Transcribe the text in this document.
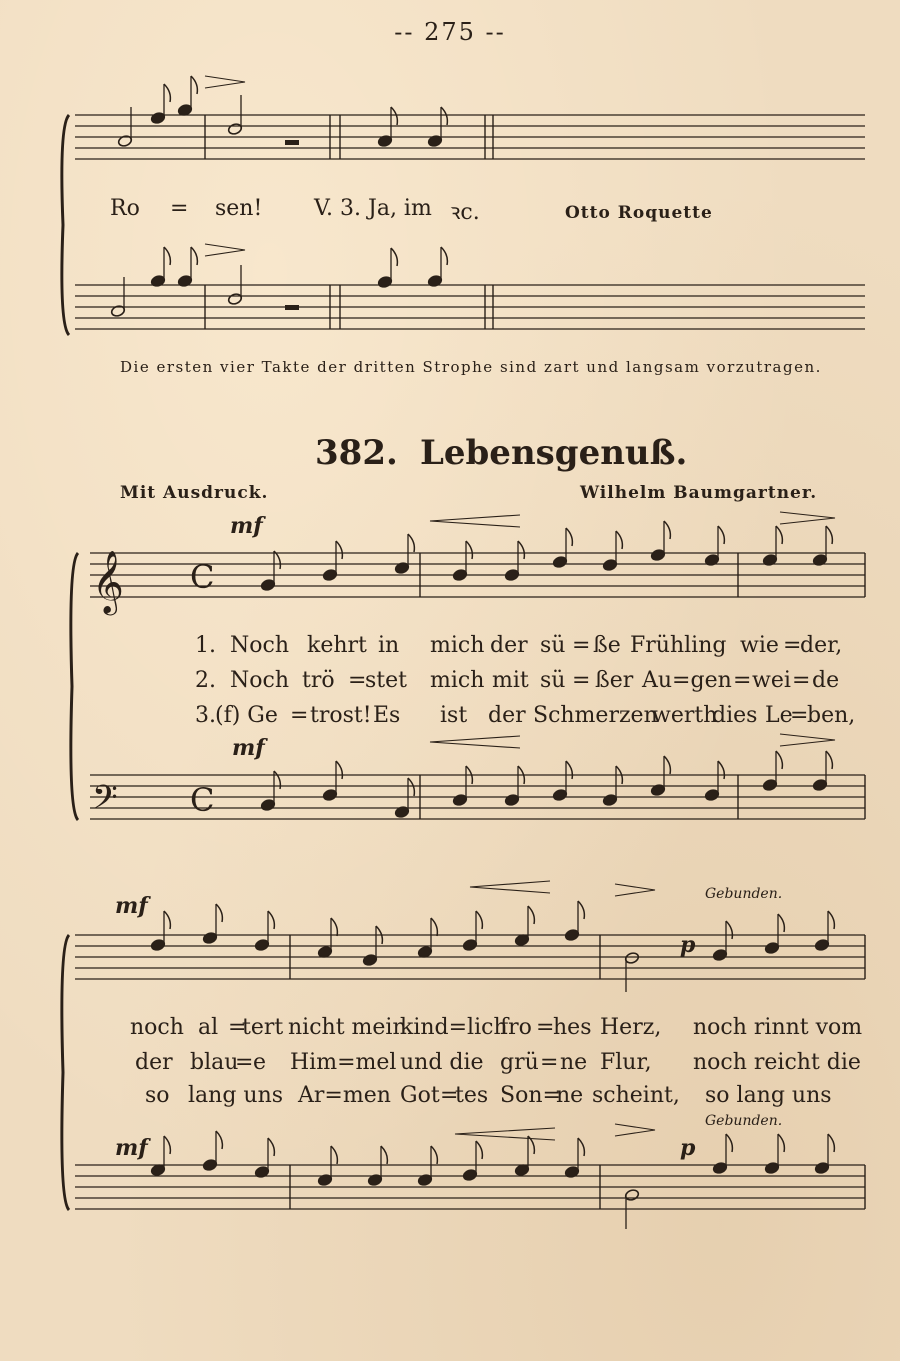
-- 275 --
Ro = sen! V. 3. Ja, im ꝛc.	Otto Roquette
Die ersten vier Takte der dritten Strophe sind zart und langsam vorzutragen.
382. Lebensgenuß.
Mit Ausdruck.	Wilhelm Baumgartner.
mf
mf
1.
2.
3.
Noch kehrt in mich der sü = ße Frühling wie =
der,
Noch trö =
stet mich mit sü = ßer Au=gen = wei = de
(f) Ge = trost! Es ist der Schmerzen
werth
dies Le
=
ben,
mf
mf
p
p
Gebunden.
Gebunden.
noch al =
tert nicht mein
kind=lich
fro =
hes Herz, noch rinnt vom
der blau
= e Him=mel und die grü = ne Flur, noch reicht die
so lang uns Ar=men Got =
tes Son=
ne scheint, so lang uns
𝄞
𝄢
C
C
